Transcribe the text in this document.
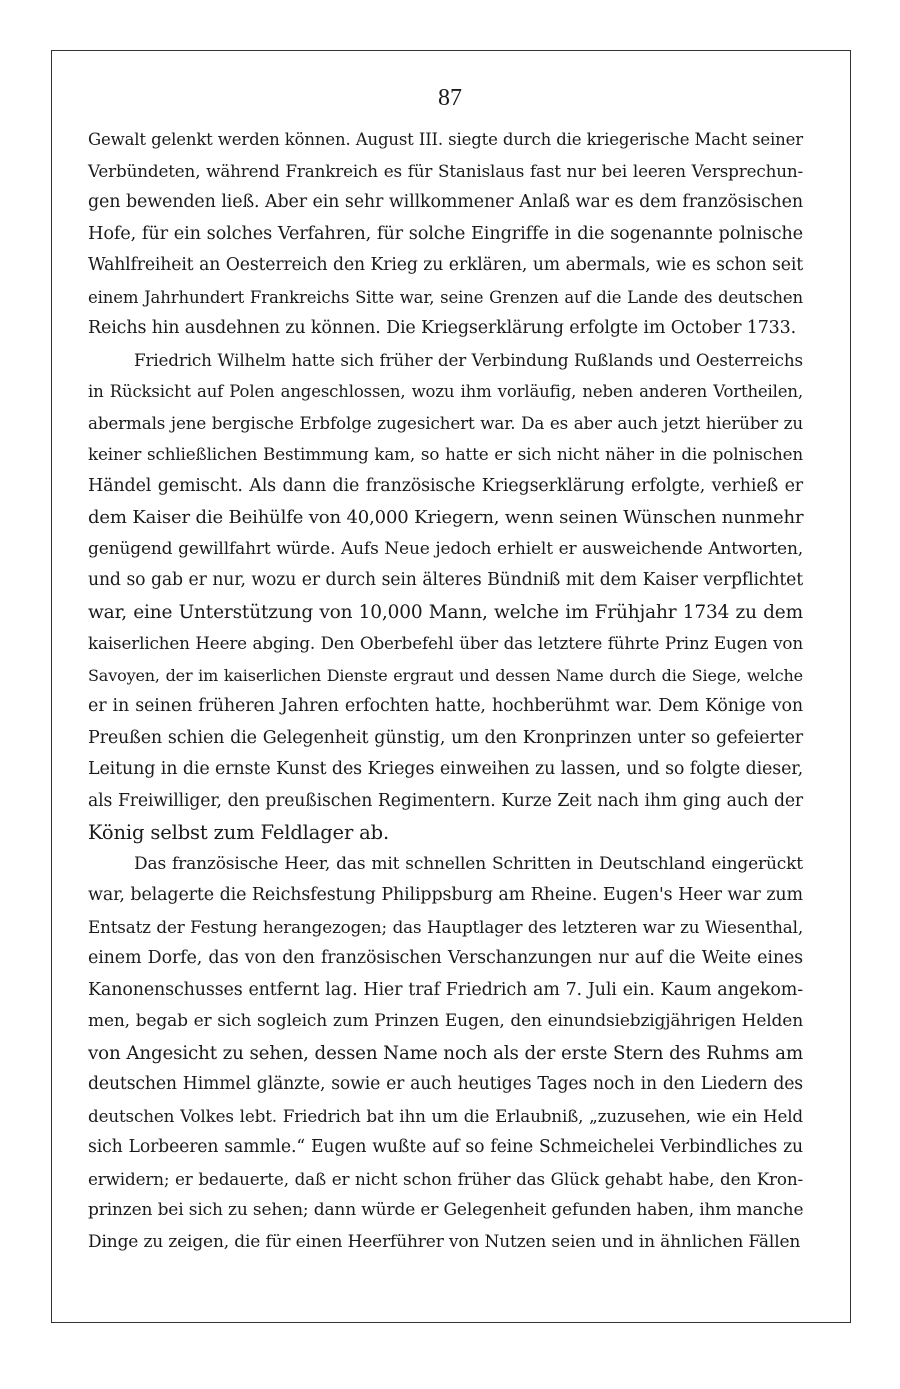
87
Gewalt gelenkt werden können. August III. siegte durch die kriegerische Macht seiner
Verbündeten, während Frankreich es für Stanislaus fast nur bei leeren Versprechun-
gen bewenden ließ. Aber ein sehr willkommener Anlaß war es dem französischen
Hofe, für ein solches Verfahren, für solche Eingriffe in die sogenannte polnische
Wahlfreiheit an Oesterreich den Krieg zu erklären, um abermals, wie es schon seit
einem Jahrhundert Frankreichs Sitte war, seine Grenzen auf die Lande des deutschen
Reichs hin ausdehnen zu können. Die Kriegserklärung erfolgte im October 1733.
Friedrich Wilhelm hatte sich früher der Verbindung Rußlands und Oesterreichs
in Rücksicht auf Polen angeschlossen, wozu ihm vorläufig, neben anderen Vortheilen,
abermals jene bergische Erbfolge zugesichert war. Da es aber auch jetzt hierüber zu
keiner schließlichen Bestimmung kam, so hatte er sich nicht näher in die polnischen
Händel gemischt. Als dann die französische Kriegserklärung erfolgte, verhieß er
dem Kaiser die Beihülfe von 40,000 Kriegern, wenn seinen Wünschen nunmehr
genügend gewillfahrt würde. Aufs Neue jedoch erhielt er ausweichende Antworten,
und so gab er nur, wozu er durch sein älteres Bündniß mit dem Kaiser verpflichtet
war, eine Unterstützung von 10,000 Mann, welche im Frühjahr 1734 zu dem
kaiserlichen Heere abging. Den Oberbefehl über das letztere führte Prinz Eugen von
Savoyen, der im kaiserlichen Dienste ergraut und dessen Name durch die Siege, welche
er in seinen früheren Jahren erfochten hatte, hochberühmt war. Dem Könige von
Preußen schien die Gelegenheit günstig, um den Kronprinzen unter so gefeierter
Leitung in die ernste Kunst des Krieges einweihen zu lassen, und so folgte dieser,
als Freiwilliger, den preußischen Regimentern. Kurze Zeit nach ihm ging auch der
König selbst zum Feldlager ab.
Das französische Heer, das mit schnellen Schritten in Deutschland eingerückt
war, belagerte die Reichsfestung Philippsburg am Rheine. Eugen's Heer war zum
Entsatz der Festung herangezogen; das Hauptlager des letzteren war zu Wiesenthal,
einem Dorfe, das von den französischen Verschanzungen nur auf die Weite eines
Kanonenschusses entfernt lag. Hier traf Friedrich am 7. Juli ein. Kaum angekom-
men, begab er sich sogleich zum Prinzen Eugen, den einundsiebzigjährigen Helden
von Angesicht zu sehen, dessen Name noch als der erste Stern des Ruhms am
deutschen Himmel glänzte, sowie er auch heutiges Tages noch in den Liedern des
deutschen Volkes lebt. Friedrich bat ihn um die Erlaubniß, „zuzusehen, wie ein Held
sich Lorbeeren sammle.“ Eugen wußte auf so feine Schmeichelei Verbindliches zu
erwidern; er bedauerte, daß er nicht schon früher das Glück gehabt habe, den Kron-
prinzen bei sich zu sehen; dann würde er Gelegenheit gefunden haben, ihm manche
Dinge zu zeigen, die für einen Heerführer von Nutzen seien und in ähnlichen Fällen
